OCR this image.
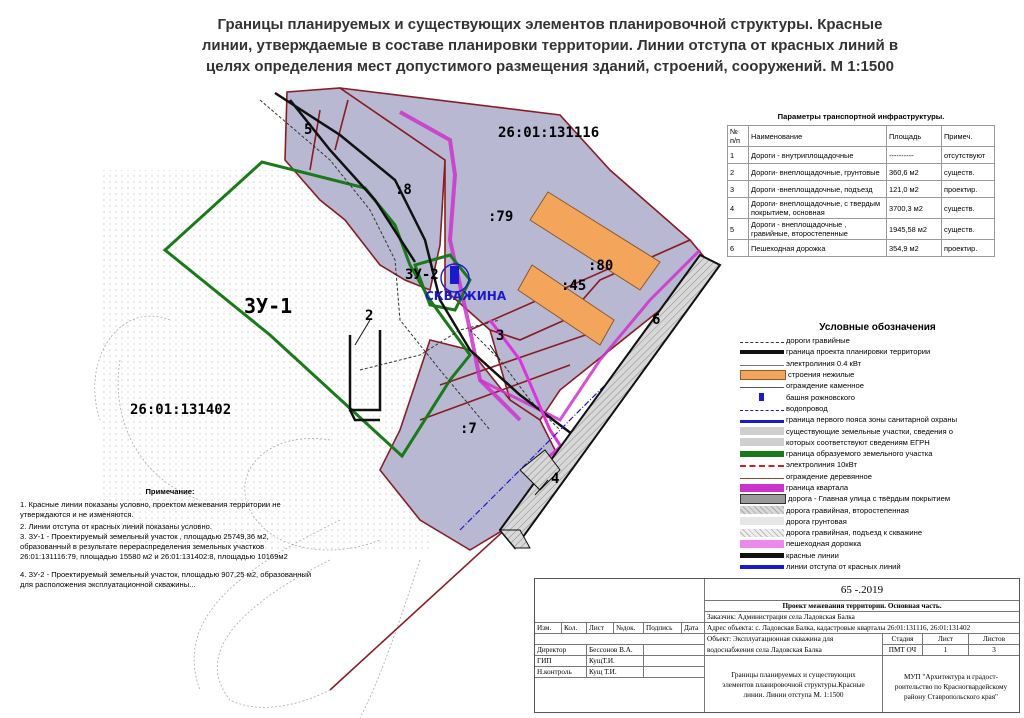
Границы планируемых и существующих элементов планировочной структуры. Красные
линии, утверждаемые в составе планировки территории. Линии отступа от красных линий в
целях определения мест допустимого размещения зданий, строений, сооружений. М 1:1500
26:01:131116
26:01:131402
ЗУ-1
ЗУ-2
СКВАЖИНА
:8
:79
:80
:45
:7
2
3
4
5
6
Параметры транспортной инфраструктуры.			
№ п/п	Наименование	Площадь	Примеч.
1	Дороги - внутриплощадочные	----------	отсутствуют
2	Дороги- внеплощадочные, грунтовые	360,6 м2	существ.
3	Дороги -внеплощадочные, подъезд	121,0 м2	проектир.
4	Дороги- внеплощадочные, с твердым покрытием, основная	3700,3 м2	существ.
5	Дороги - внеплощадочные , гравийные, второстепенные	1945,58 м2	существ.
6	Пешеходная дорожка	354,9 м2	проектир.
Условные обозначения
дороги гравийные
граница проекта планировки территории
электролиния 0.4 кВт
строения нежилые
ограждение каменное
башня рожновского
водопровод
граница первого пояса зоны санитарной охраны
существующие земельные участки, сведения о
которых соответствуют сведениям ЕГРН
граница образуемого земельного участка
электролиния 10кВт
ограждение деревянное
граница квартала
дорога - Главная улица с твёрдым покрытием
дорога гравийная, второстепенная
дорога грунтовая
дорога гравийная, подъезд к скважине
пешеходная дорожка
красные линии
линии отступа от красных линий
Примечание:

1. Красные линии показаны условно, проектом межевания территории не утверждаются и не изменяются.

2. Линии отступа от красных линий показаны условно.

3. ЗУ-1 - Проектируемый земельный участок , площадью 25749,36 м2, образованный в результате перераспределения земельных участков 26:01:131116:79, площадью 15580 м2 и 26:01:131402:8, площадью 10169м2

4. ЗУ-2 - Проектируемый земельный участок, площадью 907,25 м2, образованный для расположения эксплуатационной скважины...	65 -.2019
Проект межевания территории. Основная часть.
Заказчик: Администрация села Ладовская Балка
Адрес объекта: с. Ладовская Балка, кадастровые кварталы 26:01:131116, 26:01:131402
Изм.	Кол.	Лист	№док.	Подпись	Дата
Объект: Эксплуатационная скважина для
водоснабжения села Ладовская Балка
Стадия	Лист	Листов
ПМТ ОЧ	1	3
Директор	Бессонов В.А.
ГИП	КущТ.И.
Н.контроль	Кущ Т.И.	Границы планируемых и существующих
элементов планировочной структуры.Красные
линии. Линии отступа М. 1:1500
МУП "Архитектура и градост-
роительство по Красногвардейскому
району Ставропольского края"
